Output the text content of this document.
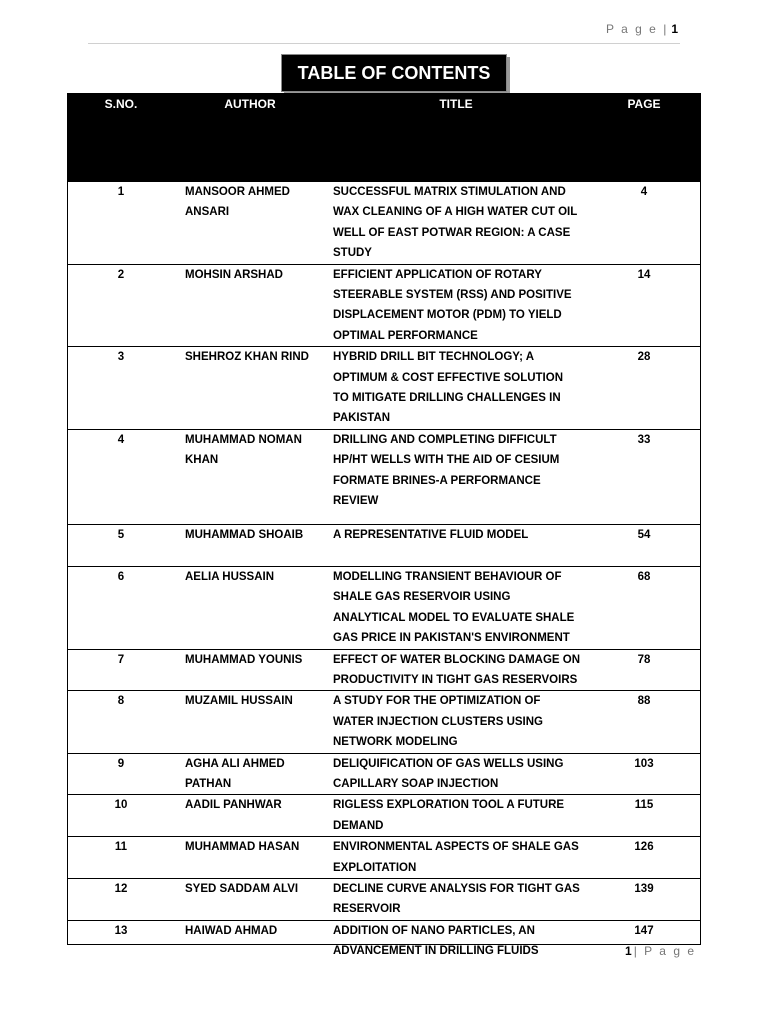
P a g e | 1
TABLE OF CONTENTS
S.NO.	AUTHOR	TITLE	PAGE
1	MANSOOR AHMED ANSARI	SUCCESSFUL MATRIX STIMULATION AND WAX CLEANING OF A HIGH WATER CUT OIL WELL OF EAST POTWAR REGION: A CASE STUDY	4
2	MOHSIN ARSHAD	EFFICIENT APPLICATION OF ROTARY STEERABLE SYSTEM (RSS) AND POSITIVE DISPLACEMENT MOTOR (PDM) TO YIELD OPTIMAL PERFORMANCE	14
3	SHEHROZ KHAN RIND	HYBRID DRILL BIT TECHNOLOGY; A OPTIMUM & COST EFFECTIVE SOLUTION TO MITIGATE DRILLING CHALLENGES IN PAKISTAN	28
4	MUHAMMAD NOMAN KHAN	DRILLING AND COMPLETING DIFFICULT HP/HT WELLS WITH THE AID OF CESIUM FORMATE BRINES-A PERFORMANCE REVIEW	33
5	MUHAMMAD SHOAIB	A REPRESENTATIVE FLUID MODEL	54
6	AELIA HUSSAIN	MODELLING TRANSIENT BEHAVIOUR OF SHALE GAS RESERVOIR USING ANALYTICAL MODEL TO EVALUATE SHALE GAS PRICE IN PAKISTAN'S ENVIRONMENT	68
7	MUHAMMAD YOUNIS	EFFECT OF WATER BLOCKING DAMAGE ON PRODUCTIVITY IN TIGHT GAS RESERVOIRS	78
8	MUZAMIL HUSSAIN	A STUDY FOR THE OPTIMIZATION OF WATER INJECTION CLUSTERS USING NETWORK MODELING	88
9	AGHA ALI AHMED PATHAN	DELIQUIFICATION OF GAS WELLS USING CAPILLARY SOAP INJECTION	103
10	AADIL PANHWAR	RIGLESS EXPLORATION TOOL A FUTURE DEMAND	115
11	MUHAMMAD HASAN	ENVIRONMENTAL ASPECTS OF SHALE GAS EXPLOITATION	126
12	SYED SADDAM ALVI	DECLINE CURVE ANALYSIS FOR TIGHT GAS RESERVOIR	139
13	HAIWAD AHMAD	ADDITION OF NANO PARTICLES, AN ADVANCEMENT IN DRILLING FLUIDS	147
1 | P a g e
